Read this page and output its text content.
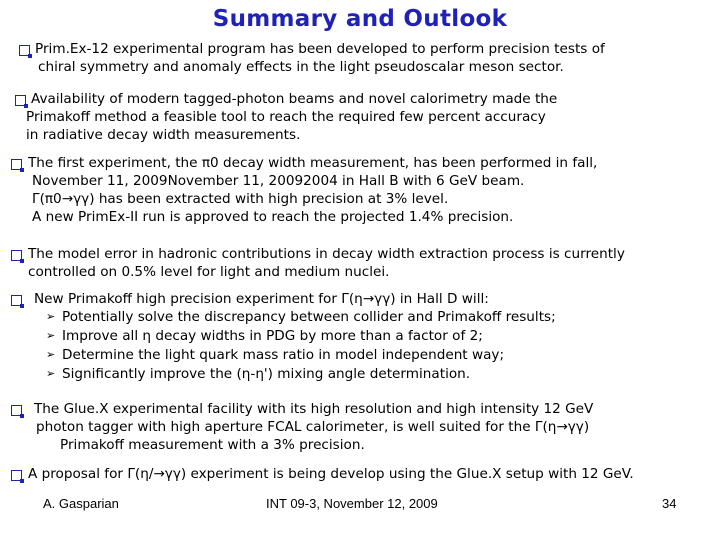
Summary and Outlook
Prim.Ex-12 experimental program has been developed to perform precision tests of
chiral symmetry and anomaly effects in the light pseudoscalar meson sector.
Availability of modern tagged-photon beams and novel calorimetry made the
Primakoff method a feasible tool to reach the required few percent accuracy
in radiative decay width measurements.
The first experiment, the π0 decay width measurement, has been performed in fall,
November 11, 2009November 11, 20092004 in Hall B with 6 GeV beam.
Γ(π0→γγ) has been extracted with high precision at 3% level.
A new PrimEx-II run is approved to reach the projected 1.4% precision.
The model error in hadronic contributions in decay width extraction process is currently
controlled on 0.5% level for light and medium nuclei.
New Primakoff high precision experiment for Γ(η→γγ) in Hall D will:
➢ Potentially solve the discrepancy between collider and Primakoff results;
➢ Improve all η decay widths in PDG by more than a factor of 2;
➢ Determine the light quark mass ratio in model independent way;
➢ Significantly improve the (η-η') mixing angle determination.
The Glue.X experimental facility with its high resolution and high intensity 12 GeV
photon tagger with high aperture FCAL calorimeter, is well suited for the Γ(η→γγ)
Primakoff measurement with a 3% precision.
A proposal for Γ(η/→γγ) experiment is being develop using the Glue.X setup with 12 GeV.
A. Gasparian	INT 09-3, November 12, 2009	34
